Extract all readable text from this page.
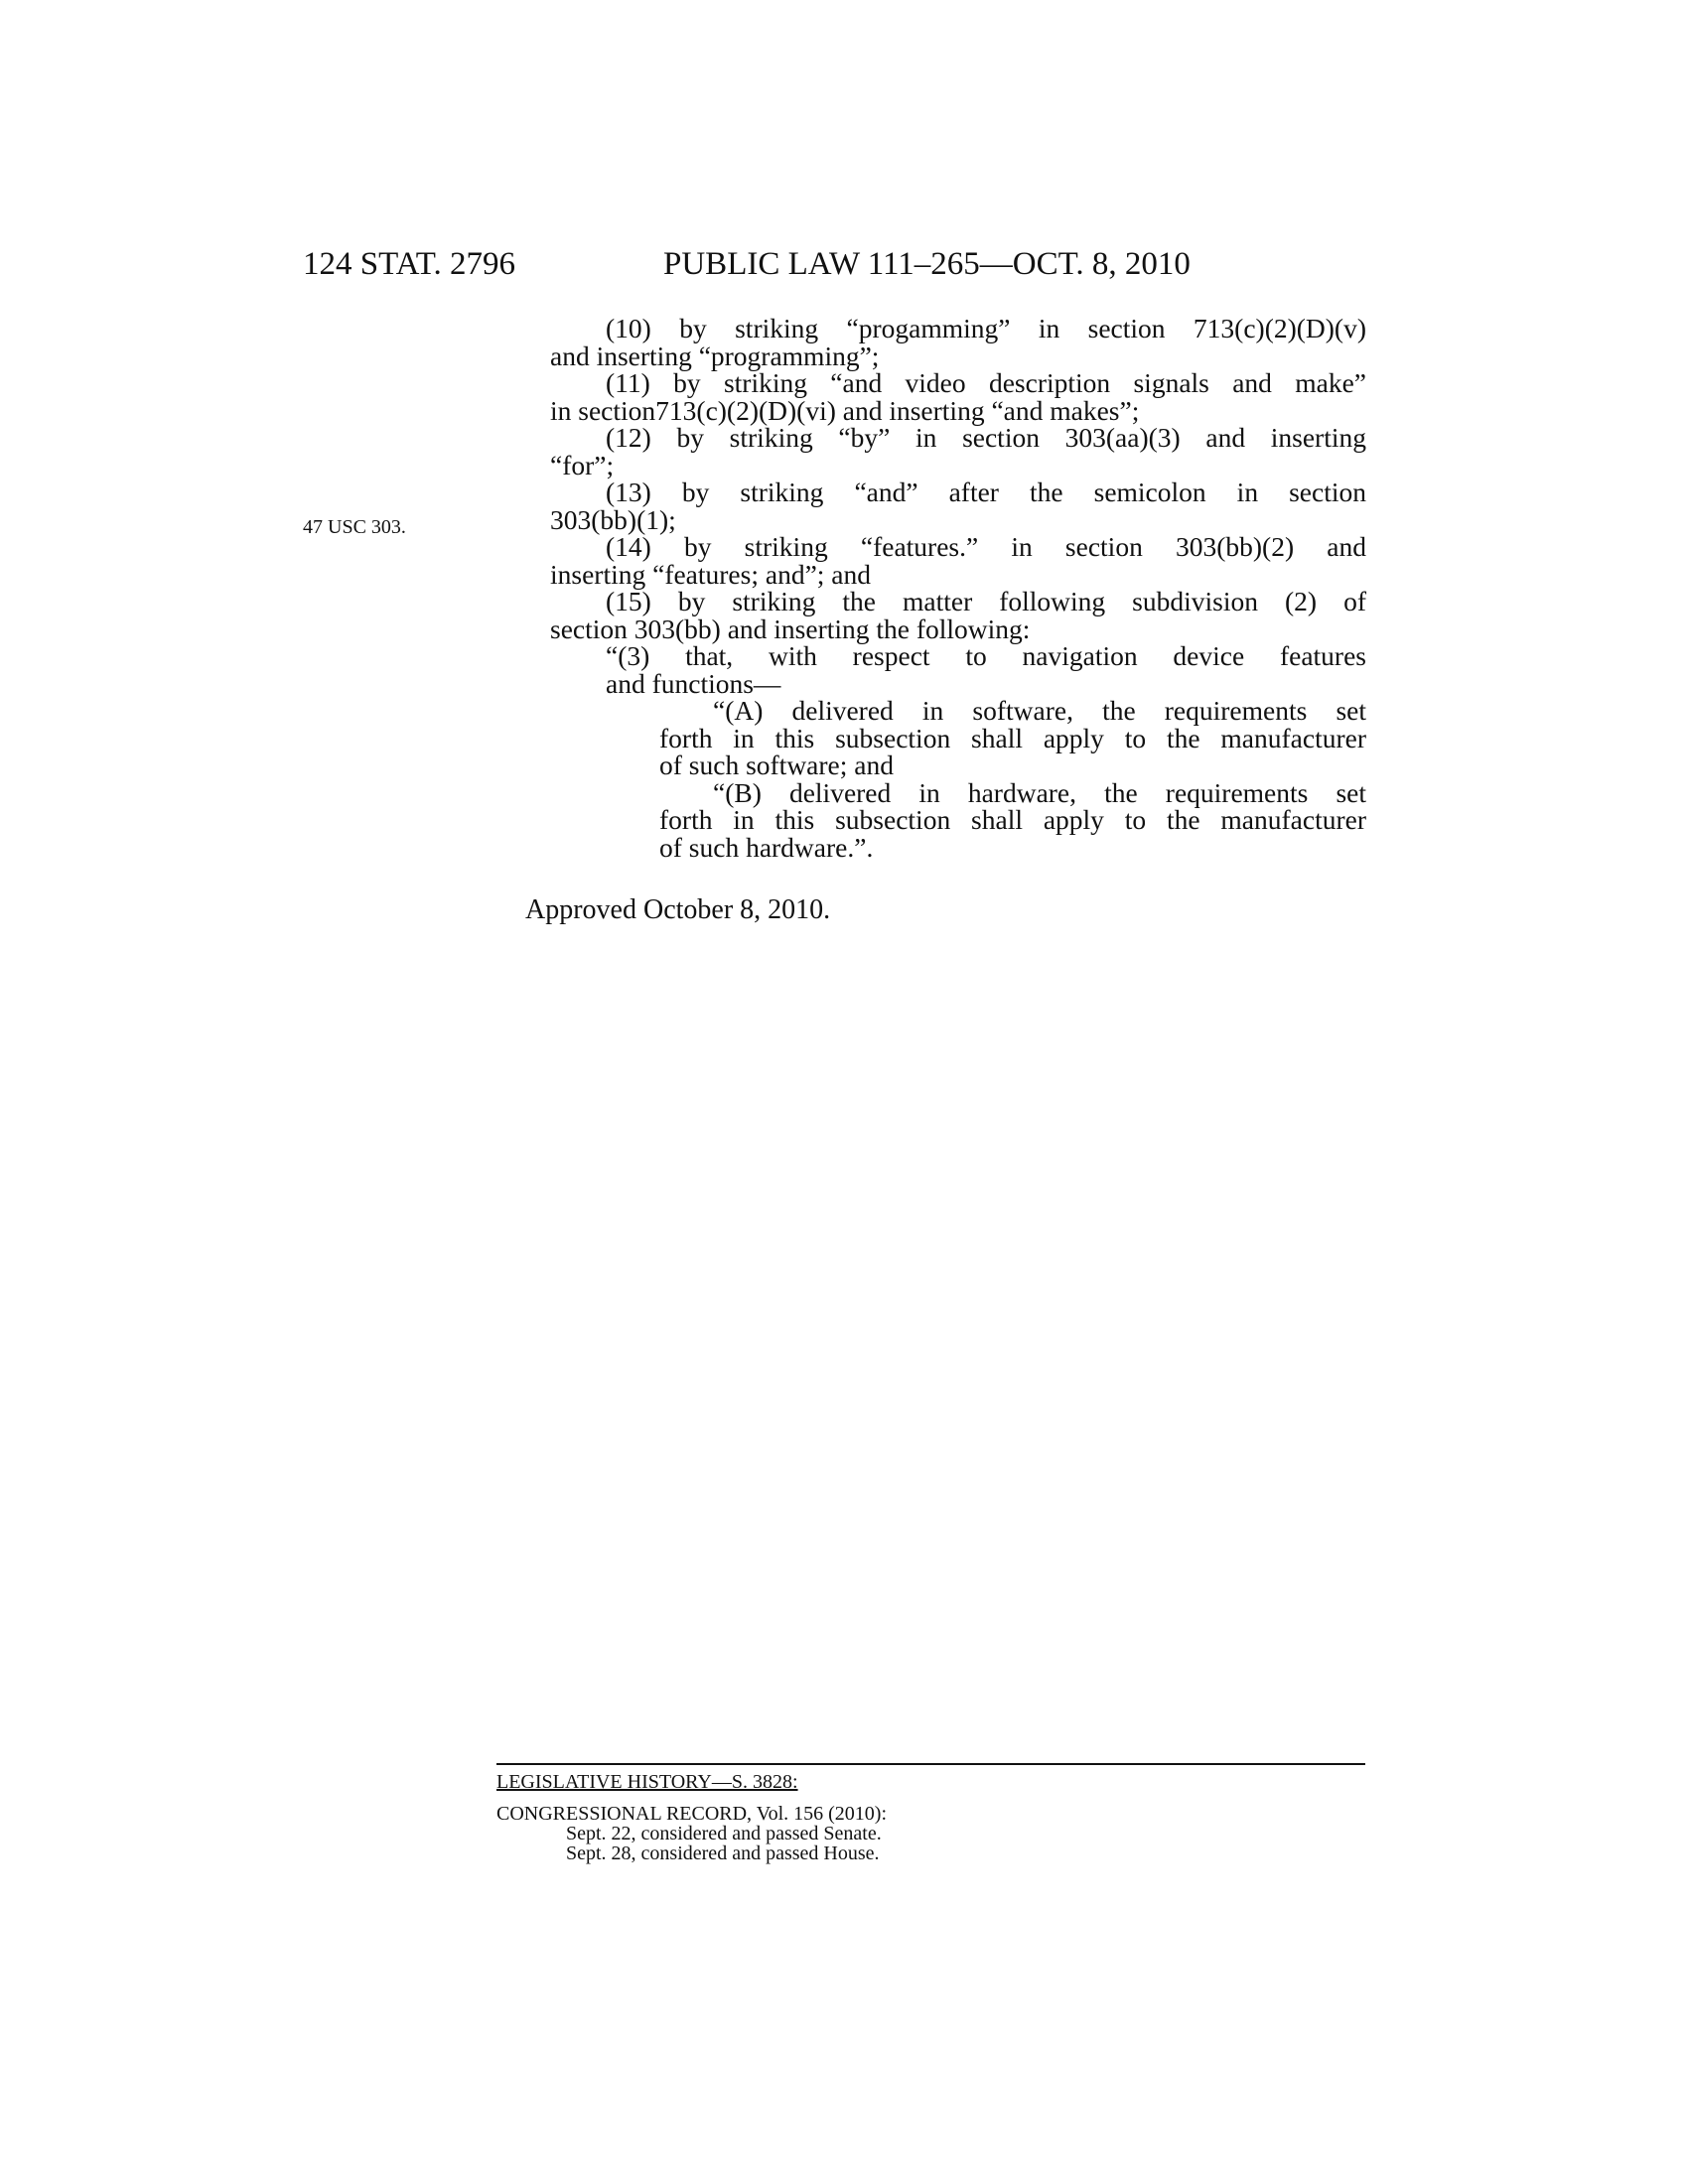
124 STAT. 2796	PUBLIC LAW 111–265—OCT. 8, 2010
47 USC 303.
(10) by striking “progamming” in section 713(c)(2)(D)(v)
and inserting “programming”;
(11) by striking “and video description signals and make”
in section713(c)(2)(D)(vi) and inserting “and makes”;
(12) by striking “by” in section 303(aa)(3) and inserting
“for”;
(13) by striking “and” after the semicolon in section
303(bb)(1);
(14) by striking “features.” in section 303(bb)(2) and
inserting “features; and”; and
(15) by striking the matter following subdivision (2) of
section 303(bb) and inserting the following:
“(3) that, with respect to navigation device features
and functions—
“(A) delivered in software, the requirements set
forth in this subsection shall apply to the manufacturer
of such software; and
“(B) delivered in hardware, the requirements set
forth in this subsection shall apply to the manufacturer
of such hardware.”.
Approved October 8, 2010.
LEGISLATIVE HISTORY—S. 3828:
CONGRESSIONAL RECORD, Vol. 156 (2010):
Sept. 22, considered and passed Senate.
Sept. 28, considered and passed House.
